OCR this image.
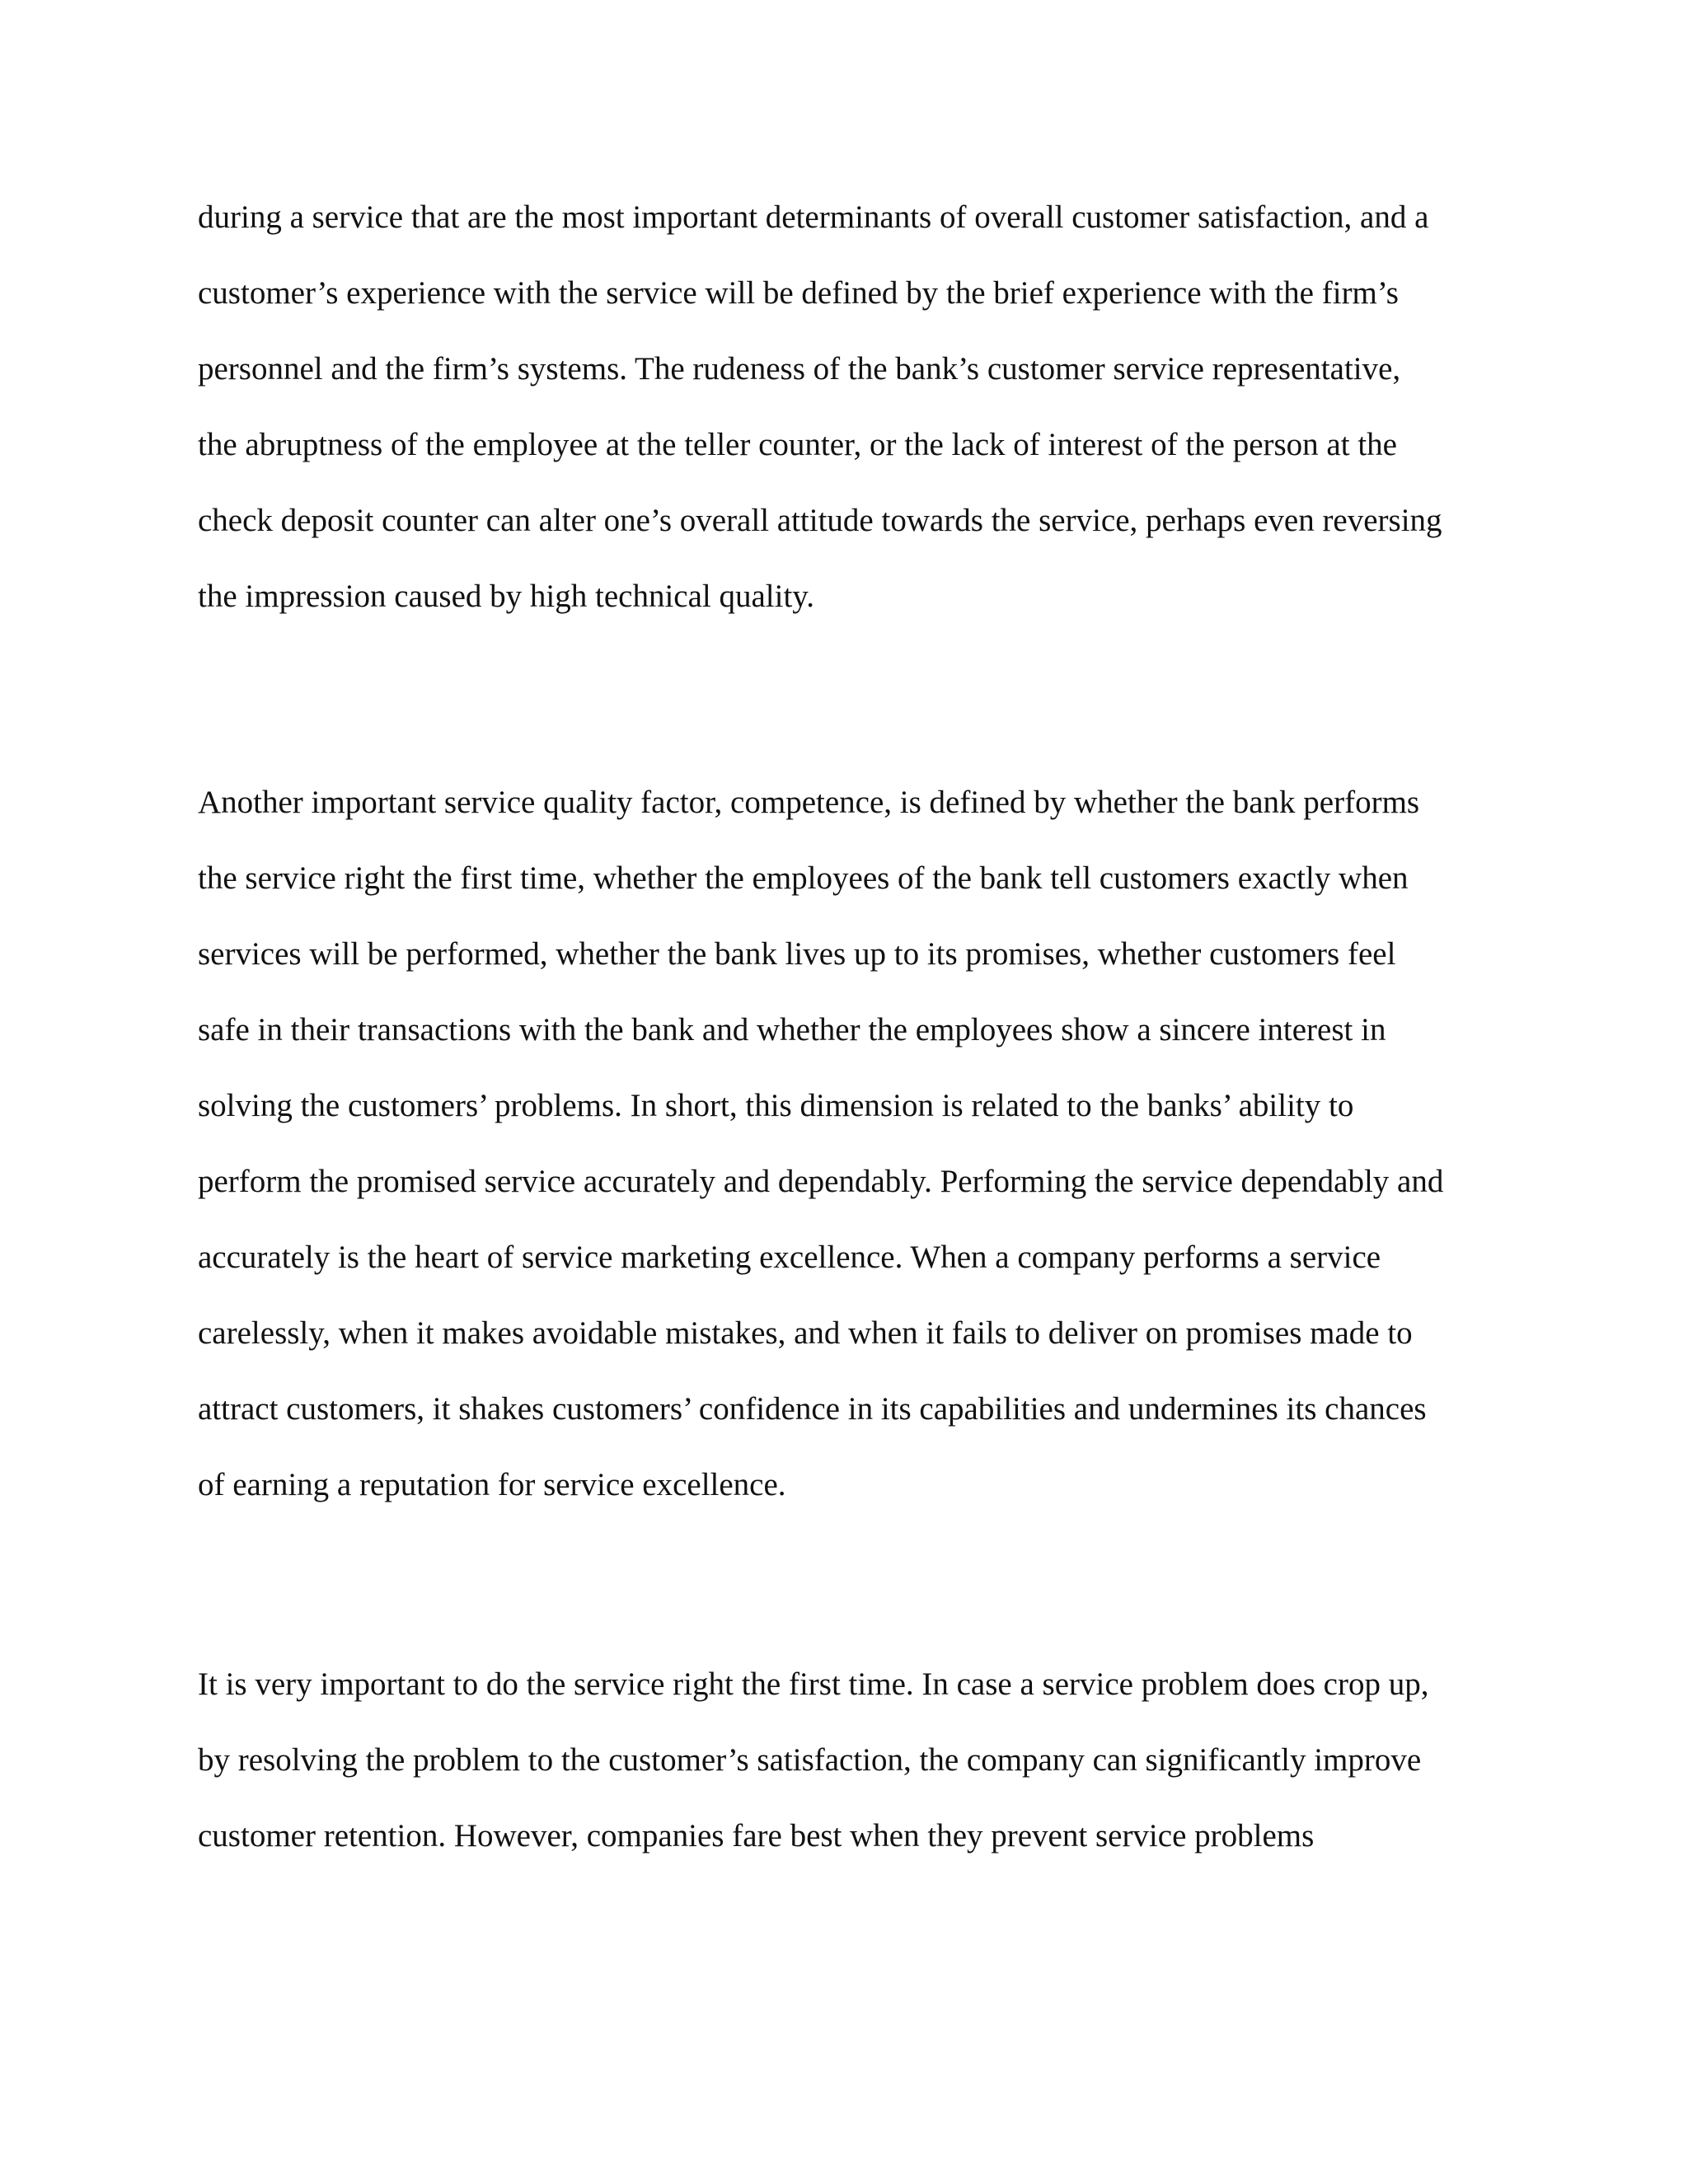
during a service that are the most important determinants of overall customer satisfaction, and a
customer’s experience with the service will be defined by the brief experience with the firm’s
personnel and the firm’s systems. The rudeness of the bank’s customer service representative,
the abruptness of the employee at the teller counter, or the lack of interest of the person at the
check deposit counter can alter one’s overall attitude towards the service, perhaps even reversing
the impression caused by high technical quality.

Another important service quality factor, competence, is defined by whether the bank performs
the service right the first time, whether the employees of the bank tell customers exactly when
services will be performed, whether the bank lives up to its promises, whether customers feel
safe in their transactions with the bank and whether the employees show a sincere interest in
solving the customers’ problems. In short, this dimension is related to the banks’ ability to
perform the promised service accurately and dependably. Performing the service dependably and
accurately is the heart of service marketing excellence. When a company performs a service
carelessly, when it makes avoidable mistakes, and when it fails to deliver on promises made to
attract customers, it shakes customers’ confidence in its capabilities and undermines its chances
of earning a reputation for service excellence.

It is very important to do the service right the first time. In case a service problem does crop up,
by resolving the problem to the customer’s satisfaction, the company can significantly improve
customer retention. However, companies fare best when they prevent service problems
